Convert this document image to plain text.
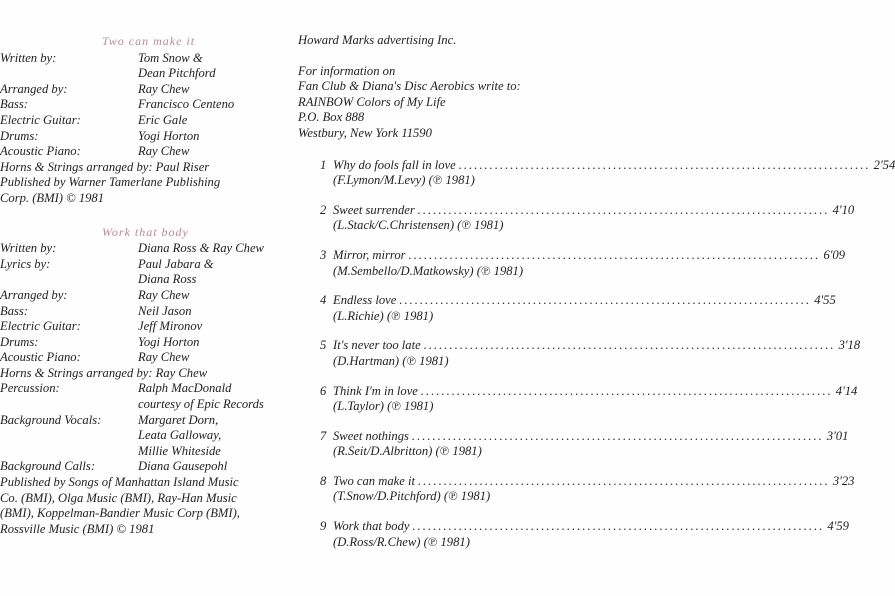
Two can make it
Written by:	Tom Snow &
Dean Pitchford
Arranged by:	Ray Chew
Bass:	Francisco Centeno
Electric Guitar:	Eric Gale
Drums:	Yogi Horton
Acoustic Piano:	Ray Chew
Horns & Strings arranged by: Paul Riser
Published by Warner Tamerlane Publishing
Corp. (BMI) © 1981
Work that body
Written by:	Diana Ross & Ray Chew
Lyrics by:	Paul Jabara &
Diana Ross
Arranged by:	Ray Chew
Bass:	Neil Jason
Electric Guitar:	Jeff Mironov
Drums:	Yogi Horton
Acoustic Piano:	Ray Chew
Horns & Strings arranged by: Ray Chew
Percussion:	Ralph MacDonald
courtesy of Epic Records
Background Vocals:	Margaret Dorn,
Leata Galloway,
Millie Whiteside
Background Calls:	Diana Gausepohl
Published by Songs of Manhattan Island Music
Co. (BMI), Olga Music (BMI), Ray-Han Music
(BMI), Koppelman-Bandier Music Corp (BMI),
Rossville Music (BMI) © 1981
Howard Marks advertising Inc.
For information on
Fan Club & Diana's Disc Aerobics write to:
RAINBOW Colors of My Life
P.O. Box 888
Westbury, New York 11590
1 Why do fools fall in love ................................................................................ 2'54
(F.Lymon/M.Levy) (℗ 1981)
2 Sweet surrender ................................................................................ 4'10
(L.Stack/C.Christensen) (℗ 1981)
3 Mirror, mirror ................................................................................ 6'09
(M.Sembello/D.Matkowsky) (℗ 1981)
4 Endless love ................................................................................ 4'55
(L.Richie) (℗ 1981)
5 It's never too late ................................................................................ 3'18
(D.Hartman) (℗ 1981)
6 Think I'm in love ................................................................................ 4'14
(L.Taylor) (℗ 1981)
7 Sweet nothings ................................................................................ 3'01
(R.Seit/D.Albritton) (℗ 1981)
8 Two can make it ................................................................................ 3'23
(T.Snow/D.Pitchford) (℗ 1981)
9 Work that body ................................................................................ 4'59
(D.Ross/R.Chew) (℗ 1981)
